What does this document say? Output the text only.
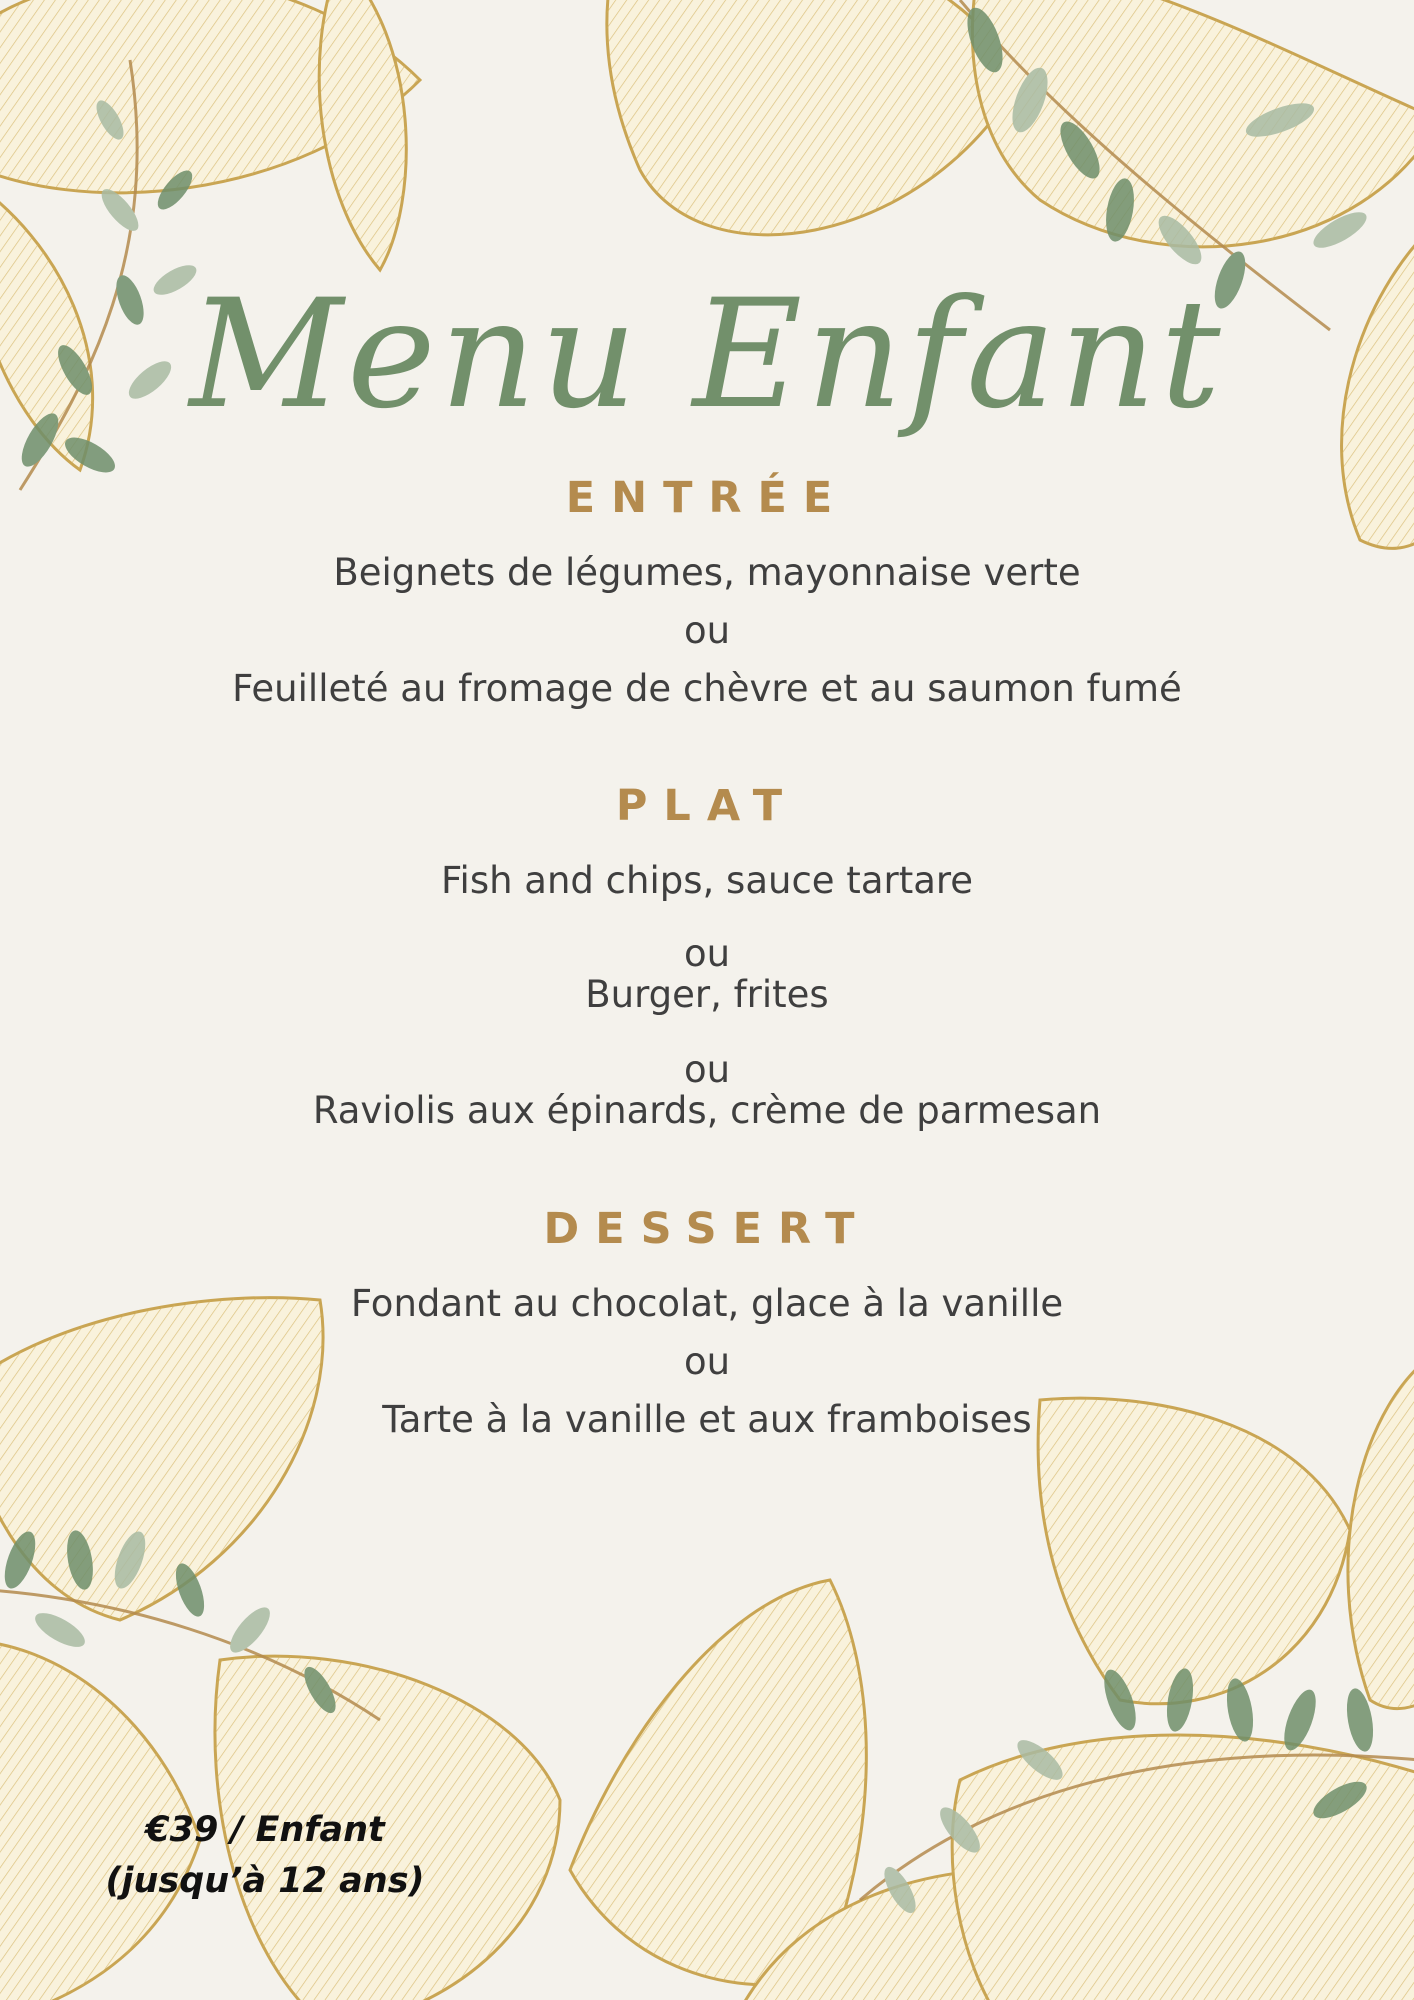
Menu Enfant
ENTRÉE
Beignets de légumes, mayonnaise verte
ou
Feuilleté au fromage de chèvre et au saumon fumé
PLAT
Fish and chips, sauce tartare
ou
Burger, frites
ou
Raviolis aux épinards, crème de parmesan
DESSERT
Fondant au chocolat, glace à la vanille
ou
Tarte à la vanille et aux framboises
€39 / Enfant
(jusqu’à 12 ans)
